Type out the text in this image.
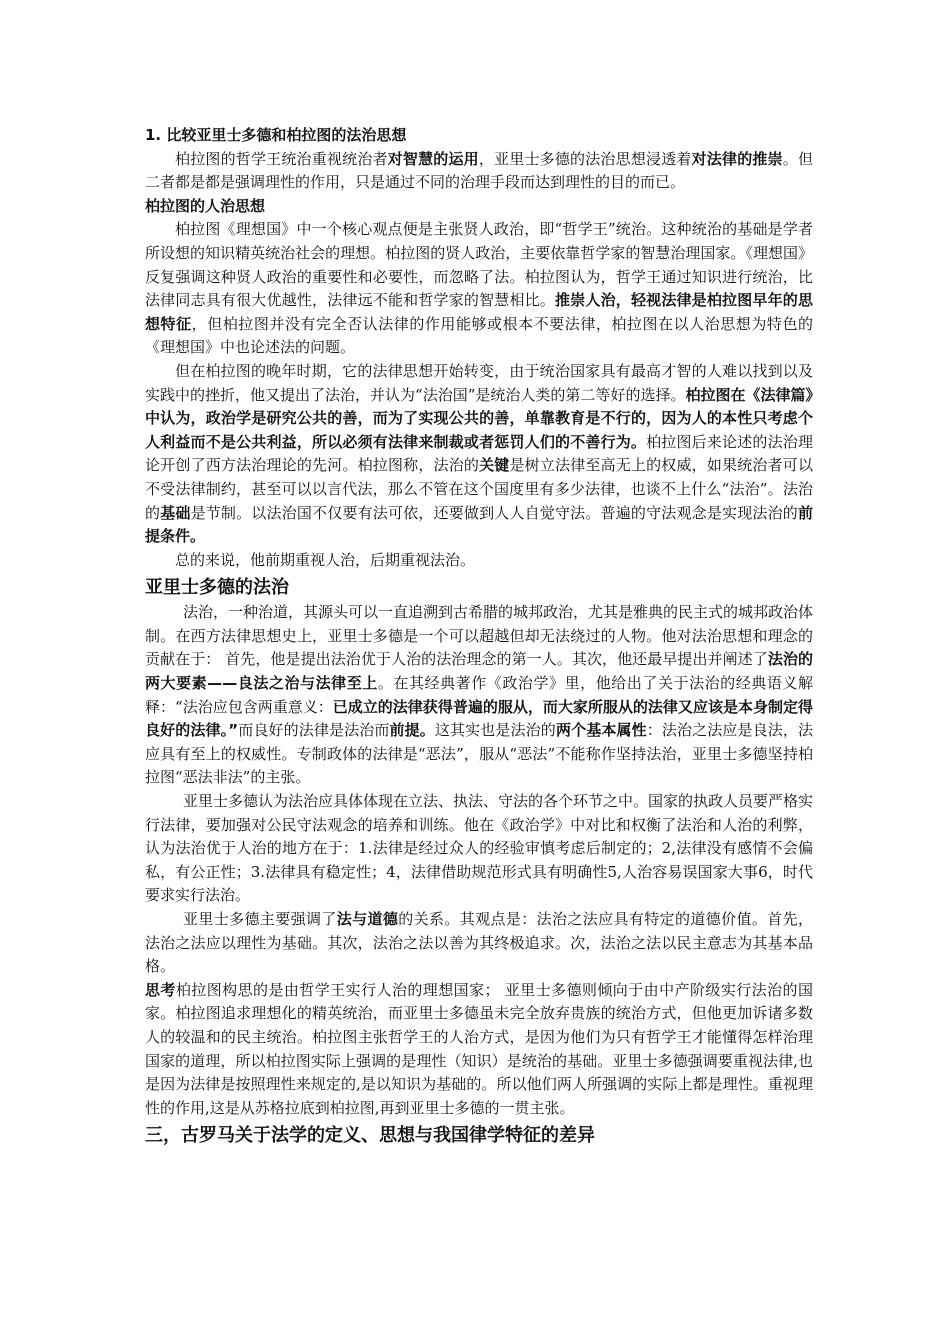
1. 比较亚里士多德和柏拉图的法治思想

柏拉图的哲学王统治重视统治者对智慧的运用，亚里士多德的法治思想浸透着对法律的推崇。但二者都是都是强调理性的作用，只是通过不同的治理手段而达到理性的目的而已。

柏拉图的人治思想

柏拉图《理想国》中一个核心观点便是主张贤人政治，即“哲学王”统治。这种统治的基础是学者所设想的知识精英统治社会的理想。柏拉图的贤人政治，主要依靠哲学家的智慧治理国家。《理想国》反复强调这种贤人政治的重要性和必要性，而忽略了法。柏拉图认为，哲学王通过知识进行统治，比法律同志具有很大优越性，法律远不能和哲学家的智慧相比。推崇人治，轻视法律是柏拉图早年的思想特征，但柏拉图并没有完全否认法律的作用能够或根本不要法律，柏拉图在以人治思想为特色的《理想国》中也论述法的问题。

但在柏拉图的晚年时期，它的法律思想开始转变，由于统治国家具有最高才智的人难以找到以及实践中的挫折，他又提出了法治，并认为“法治国”是统治人类的第二等好的选择。柏拉图在《法律篇》中认为，政治学是研究公共的善，而为了实现公共的善，单靠教育是不行的，因为人的本性只考虑个人利益而不是公共利益，所以必须有法律来制裁或者惩罚人们的不善行为。柏拉图后来论述的法治理论开创了西方法治理论的先河。柏拉图称，法治的关键是树立法律至高无上的权威，如果统治者可以不受法律制约，甚至可以以言代法，那么不管在这个国度里有多少法律，也谈不上什么“法治”。法治的基础是节制。以法治国不仅要有法可依，还要做到人人自觉守法。普遍的守法观念是实现法治的前提条件。

总的来说，他前期重视人治，后期重视法治。

亚里士多德的法治

法治，一种治道，其源头可以一直追溯到古希腊的城邦政治，尤其是雅典的民主式的城邦政治体制。在西方法律思想史上，亚里士多德是一个可以超越但却无法绕过的人物。他对法治思想和理念的贡献在于： 首先，他是提出法治优于人治的法治理念的第一人。其次，他还最早提出并阐述了法治的两大要素——良法之治与法律至上。在其经典著作《政治学》里，他给出了关于法治的经典语义解释：“法治应包含两重意义：已成立的法律获得普遍的服从，而大家所服从的法律又应该是本身制定得良好的法律。”而良好的法律是法治而前提。这其实也是法治的两个基本属性：法治之法应是良法，法应具有至上的权威性。专制政体的法律是“恶法”，服从“恶法”不能称作坚持法治，亚里士多德坚持柏拉图“恶法非法”的主张。

亚里士多德认为法治应具体体现在立法、执法、守法的各个环节之中。国家的执政人员要严格实行法律，要加强对公民守法观念的培养和训练。他在《政治学》中对比和权衡了法治和人治的利弊，认为法治优于人治的地方在于：1.法律是经过众人的经验审慎考虑后制定的；2,法律没有感情不会偏私，有公正性；3.法律具有稳定性；4，法律借助规范形式具有明确性5,人治容易误国家大事6，时代要求实行法治。

亚里士多德主要强调了法与道德的关系。其观点是：法治之法应具有特定的道德价值。首先，法治之法应以理性为基础。其次，法治之法以善为其终极追求。次，法治之法以民主意志为其基本品格。

思考柏拉图构思的是由哲学王实行人治的理想国家； 亚里士多德则倾向于由中产阶级实行法治的国家。柏拉图追求理想化的精英统治，而亚里士多德虽未完全放弃贵族的统治方式，但他更加诉诸多数人的较温和的民主统治。柏拉图主张哲学王的人治方式，是因为他们为只有哲学王才能懂得怎样治理国家的道理，所以柏拉图实际上强调的是理性（知识）是统治的基础。亚里士多德强调要重视法律,也是因为法律是按照理性来规定的,是以知识为基础的。所以他们两人所强调的实际上都是理性。重视理性的作用,这是从苏格拉底到柏拉图,再到亚里士多德的一贯主张。

三，古罗马关于法学的定义、思想与我国律学特征的差异
